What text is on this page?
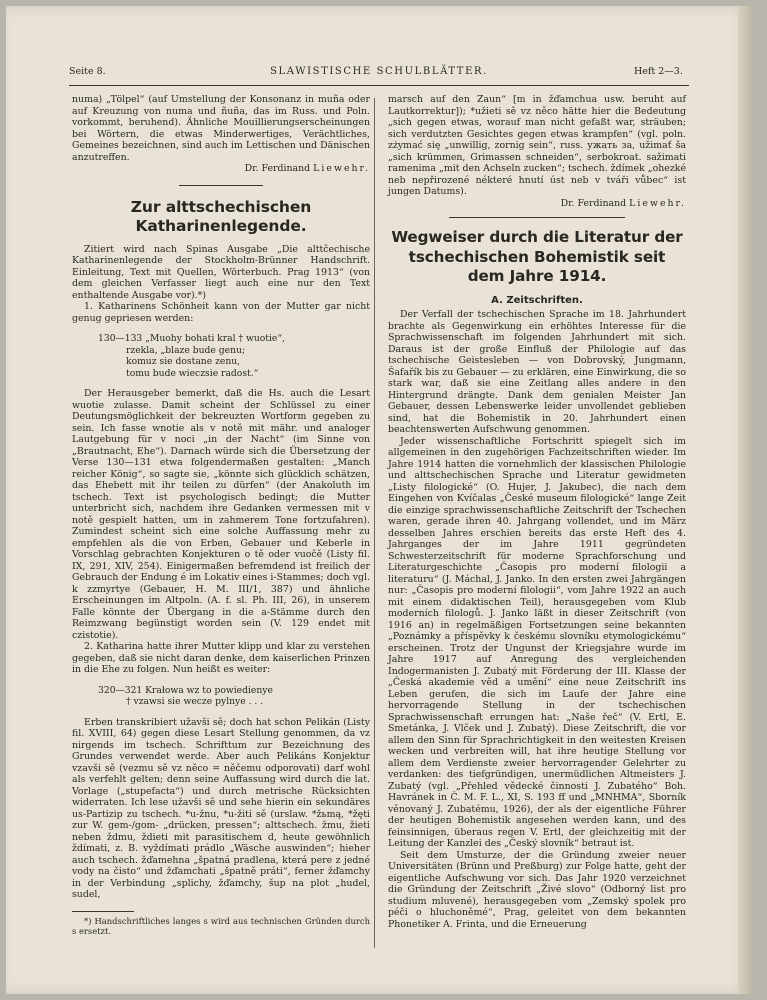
Seite 8.	SLAWISTISCHE SCHULBLÄTTER.	Heft 2—3.

numa) „Tölpel“ (auf Umstellung der Konsonanz in muña oder auf Kreuzung von numa und ñuña, das im Russ. und Poln. vorkommt, beruhend). Ähnliche Mouillierungserscheinungen bei Wörtern, die etwas Minderwertiges, Verächtliches, Gemeines bezeichnen, sind auch im Lettischen und Dänischen anzutreffen.

Dr. Ferdinand Liewehr.

Zur alttschechischen Katharinenlegende.

Zitiert wird nach Spinas Ausgabe „Die alttčechische Katharinenlegende der Stockholm-Brünner Handschrift. Einleitung, Text mit Quellen, Wörterbuch. Prag 1913“ (von dem gleichen Verfasser liegt auch eine nur den Text enthaltende Ausgabe vor).*)

1. Katharinens Schönheit kann von der Mutter gar nicht genug gepriesen werden:

130—133 „Muohy bohati kral † wuotie“,
rzekla, „blaze bude genu;
komuz sie dostane zenu,
tomu bude wieczsie radost.“

Der Herausgeber bemerkt, daß die Hs. auch die Lesart wuotie zulasse. Damit scheint der Schlüssel zu einer Deutungsmöglichkeit der bekreuzten Wortform gegeben zu sein. Ich fasse wnotie als v notě mit mähr. und analoger Lautgebung für v noci „in der Nacht“ (im Sinne von „Brautnacht, Ehe“). Darnach würde sich die Übersetzung der Verse 130—131 etwa folgendermaßen gestalten: „Manch reicher König“, so sagte sie, „könnte sich glücklich schätzen, das Ehebett mit ihr teilen zu dürfen“ (der Anakoluth im tschech. Text ist psychologisch bedingt; die Mutter unterbricht sich, nachdem ihre Gedanken vermessen mit v notě gespielt hatten, um in zahmerem Tone fortzufahren). Zumindest scheint sich eine solche Auffassung mehr zu empfehlen als die von Erben, Gebauer und Keberle in Vorschlag gebrachten Konjekturen o tě oder vuočě (Listy fil. IX, 291, XIV, 254). Einigermaßen befremdend ist freilich der Gebrauch der Endung é im Lokativ eines i-Stammes; doch vgl. k zzmyrtye (Gebauer, H. M. III/1, 387) und ähnliche Erscheinungen im Altpoln. (A. f. sl. Ph. III, 26), in unserem Falle könnte der Übergang in die a-Stämme durch den Reimzwang begünstigt worden sein (V. 129 endet mit czistotie).

2. Katharina hatte ihrer Mutter klipp und klar zu verstehen gegeben, daß sie nicht daran denke, dem kaiserlichen Prinzen in die Ehe zu folgen. Nun heißt es weiter:

320—321 Krałowa wz to powiedienye
† vzawsi sie wecze pylnye . . .

Erben transkribiert užavši sě; doch hat schon Pelikán (Listy fil. XVIII, 64) gegen diese Lesart Stellung genommen, da vz nirgends im tschech. Schrifttum zur Bezeichnung des Grundes verwendet werde. Aber auch Pelikáns Konjektur vzavši sě (vezmu sě vz něco = něčemu odporovati) darf wohl als verfehlt gelten; denn seine Auffassung wird durch die lat. Vorlage („stupefacta“) und durch metrische Rücksichten widerraten. Ich lese užavši sě und sehe hierin ein sekundäres us-Partizip zu tschech. *u-žnu, *u-žiti sě (urslaw. *žьmą, *žęti zur W. gem-/gom- „drücken, pressen“; alttschech. žmu, žieti neben ždmu, ždieti mit parasitischem d, heute gewöhnlich ždímati, z. B. vyždímati prádlo „Wäsche auswinden“; hieher auch tschech. žďamehna „špatná pradlena, která pere z jedné vody na čisto“ und žďamchati „špatně práti“, ferner žďamchy in der Verbindung „splichy, žďamchy, šup na plot „hudel, sudel,

*) Handschriftliches langes s wird aus technischen Gründen durch s ersetzt.

marsch auf den Zaun“ [m in žďamchua usw. beruht auf Lautkorrektur]); *užieti sě vz něco hätte hier die Bedeutung „sich gegen etwas, worauf man nicht gefaßt war, sträuben; sich verdutzten Gesichtes gegen etwas krampfen“ (vgl. poln. zżymać się „unwillig, zornig sein“, russ. ужать за, užimať ša „sich krümmen, Grimassen schneiden“, serbokroat. sažimati ramenima „mit den Achseln zucken“; tschech. ždímek „ohezké neb nepřirozené nékteré hnutí úst neb v tváři vůbec“ ist jungen Datums).

Dr. Ferdinand Liewehr.

Wegweiser durch die Literatur der tschechischen Bohemistik seit dem Jahre 1914.
A. Zeitschriften.

Der Verfall der tschechischen Sprache im 18. Jahrhundert brachte als Gegenwirkung ein erhöhtes Interesse für die Sprachwissenschaft im folgenden Jahrhundert mit sich. Daraus ist der große Einfluß der Philologie auf das tschechische Geistesleben — von Dobrovský, Jungmann, Šafařík bis zu Gebauer — zu erklären, eine Einwirkung, die so stark war, daß sie eine Zeitlang alles andere in den Hintergrund drängte. Dank dem genialen Meister Jan Gebauer, dessen Lebenswerke leider unvollendet geblieben sind, hat die Bohemistik in 20. Jahrhundert einen beachtenswerten Aufschwung genommen.

Jeder wissenschaftliche Fortschritt spiegelt sich im allgemeinen in den zugehörigen Fachzeitschriften wieder. Im Jahre 1914 hatten die vornehmlich der klassischen Philologie und alttschechischen Sprache und Literatur gewidmeten „Listy filologické“ (O. Hujer, J. Jakubec), die nach dem Eingehen von Kvíčalas „České museum filologické“ lange Zeit die einzige sprachwissenschaftliche Zeitschrift der Tschechen waren, gerade ihren 40. Jahrgang vollendet, und im März desselben Jahres erschien bereits das erste Heft des 4. Jahrganges der im Jahre 1911 gegründeten Schwesterzeitschrift für moderne Sprachforschung und Literaturgeschichte „Časopis pro moderní filologii a literaturu“ (J. Máchal, J. Janko. In den ersten zwei Jahrgängen nur: „Časopis pro moderní filologii“, vom Jahre 1922 an auch mit einem didaktischen Teil), herausgegeben vom Klub moderních filologů. J. Janko läßt in dieser Zeitschrift (von 1916 an) in regelmäßigen Fortsetzungen seine bekannten „Poznámky a příspěvky k českému slovníku etymologickému“ erscheinen. Trotz der Ungunst der Kriegsjahre wurde im Jahre 1917 auf Anregung des vergleichenden Indogermanisten J. Zubatý mit Förderung der III. Klasse der „Česká akademie věd a umění“ eine neue Zeitschrift ins Leben gerufen, die sich im Laufe der Jahre eine hervorragende Stellung in der tschechischen Sprachwissenschaft errungen hat: „Naše řeč“ (V. Ertl, E. Smetánka, J. Vlček und J. Zubatý). Diese Zeitschrift, die vor allem den Sinn für Sprachrichtigkeit in den weitesten Kreisen wecken und verbreiten will, hat ihre heutige Stellung vor allem dem Verdienste zweier hervorragender Gelehrter zu verdanken: des tiefgründigen, unermüdlichen Altmeisters J. Zubatý (vgl. „Přehled vědecké činnosti J. Zubatého“ Boh. Havránek in Č. M. F. L., XI, S. 193 ff und „MNHMA“, Sborník věnovaný J. Zubatému, 1926), der als der eigentliche Führer der heutigen Bohemistik angesehen werden kann, und des feinsinnigen, überaus regen V. Ertl, der gleichzeitig mit der Leitung der Kanzlei des „Český slovník“ betraut ist.

Seit dem Umsturze, der die Gründung zweier neuer Universitäten (Brünn und Preßburg) zur Folge hatte, geht der eigentliche Aufschwung vor sich. Das Jahr 1920 verzeichnet die Gründung der Zeitschrift „Živé slovo“ (Odborný list pro studium mluvené), herausgegeben vom „Zemský spolek pro péči o hluchoněmé“, Prag, geleitet von dem bekannten Phonetiker A. Frinta, und die Erneuerung
